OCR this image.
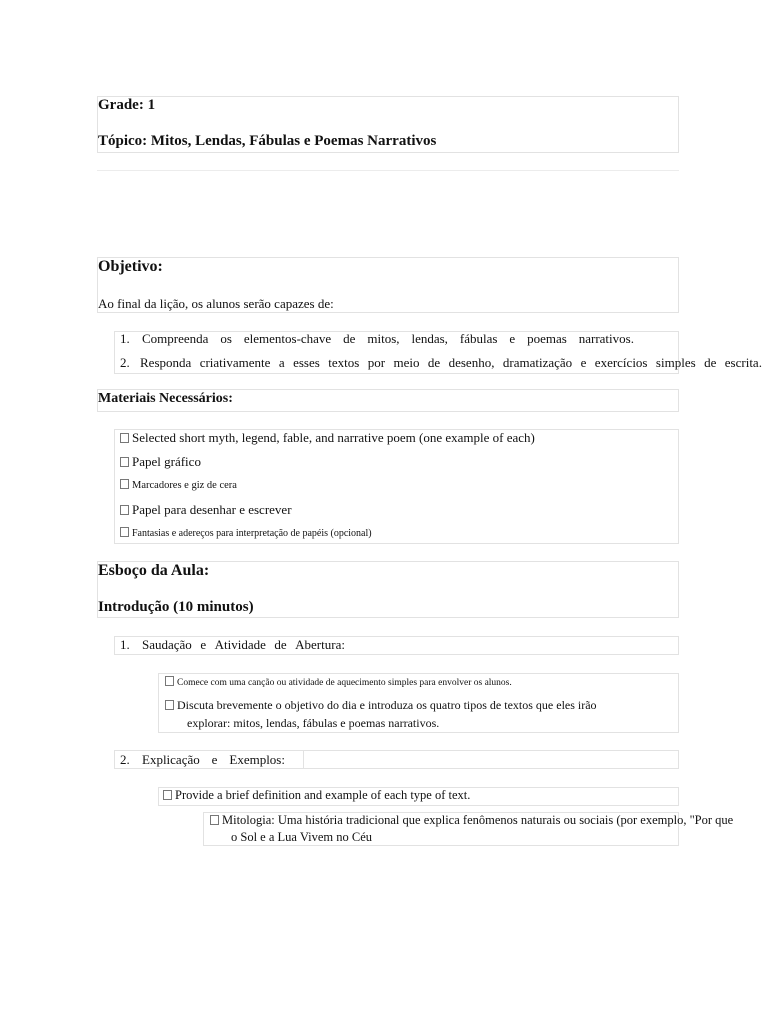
Grade: 1
Tópico: Mitos, Lendas, Fábulas e Poemas Narrativos
Objetivo:
Ao final da lição, os alunos serão capazes de:
1. Compreenda os elementos-chave de mitos, lendas, fábulas e poemas narrativos.
2. Responda criativamente a esses textos por meio de desenho, dramatização e exercícios simples de escrita.
Materiais Necessários:
Selected short myth, legend, fable, and narrative poem (one example of each)
Papel gráfico
Marcadores e giz de cera
Papel para desenhar e escrever
Fantasias e adereços para interpretação de papéis (opcional)
Esboço da Aula:
Introdução (10 minutos)
1. Saudação e Atividade de Abertura:
Comece com uma canção ou atividade de aquecimento simples para envolver os alunos.
Discuta brevemente o objetivo do dia e introduza os quatro tipos de textos que eles irão
explorar: mitos, lendas, fábulas e poemas narrativos.
2. Explicação e Exemplos:
Provide a brief definition and example of each type of text.
Mitologia: Uma história tradicional que explica fenômenos naturais ou sociais (por exemplo, "Por que
o Sol e a Lua Vivem no Céu
